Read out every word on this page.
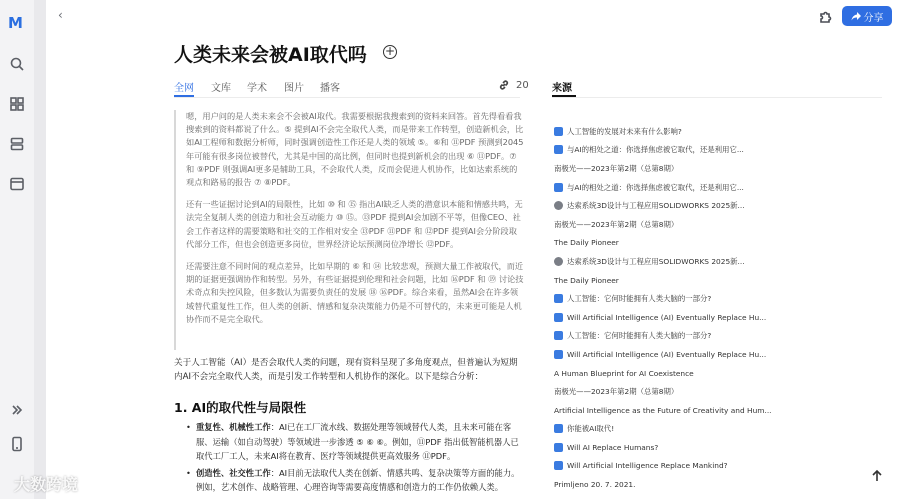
M	‹	分享
人类未来会被AI取代吗 +
全网 文库 学术 图片 播客	20

嗯，用户问的是人类未来会不会被AI取代。我需要根据我搜索到的资料来回答。首先得看看我搜索到的资料都说了什么。⑤ 提到AI不会完全取代人类，而是带来工作转型，创造新机会，比如AI工程师和数据分析师，同时强调创造性工作还是人类的领域 ⑤。⑥和 ⑪PDF 预测到2045年可能有很多岗位被替代，尤其是中国的高比例，但同时也提到新机会的出现 ⑥ ⑪PDF。⑦和 ⑨PDF 则强调AI更多是辅助工具，不会取代人类，反而会促进人机协作，比如达索系统的观点和路易的报告 ⑦ ⑧PDF。

还有一些证据讨论到AI的局限性，比如 ⑩ 和 ⑮ 指出AI缺乏人类的潜意识本能和情感共鸣，无法完全复制人类的创造力和社会互动能力 ⑩ ⑮。⑬PDF 提到AI会加剧不平等，但像CEO、社会工作者这样的需要策略和社交的工作相对安全 ⑬PDF ⑪PDF 和 ⑫PDF 提到AI会分阶段取代部分工作，但也会创造更多岗位，世界经济论坛预测岗位净增长 ⑫PDF。

还需要注意不同时间的观点差异，比如早期的 ⑥ 和 ⑭ 比较悲观，预测大量工作被取代，而近期的证据更强调协作和转型。另外，有些证据提到伦理和社会问题，比如 ⑯PDF 和 ⑲ 讨论技术奇点和失控风险，但多数认为需要负责任的发展 ⑱ ⑯PDF。综合来看，虽然AI会在许多领域替代重复性工作，但人类的创新、情感和复杂决策能力仍是不可替代的，未来更可能是人机协作而不是完全取代。

关于人工智能（AI）是否会取代人类的问题，现有资料呈现了多角度观点，但普遍认为短期内AI不会完全取代人类，而是引发工作转型和人机协作的深化。以下是综合分析：
1. AI的取代性与局限性
• 重复性、机械性工作：AI已在工厂流水线、数据处理等领域替代人类，且未来可能在客服、运输（如自动驾驶）等领域进一步渗透 ⑤ ⑥ ⑥。例如，⑪PDF 指出低智能机器人已取代工厂工人，未来AI将在教育、医疗等领域提供更高效服务 ⑪PDF。
• 创造性、社交性工作：AI目前无法取代人类在创新、情感共鸣、复杂决策等方面的能力。例如，艺术创作、战略管理、心理咨询等需要高度情感和创造力的工作仍依赖人类。
来源
人工智能的发展对未来有什么影响?
与AI的相处之道：你选择焦虑被它取代，还是利用它...
南极光——2023年第2期（总第8期）
与AI的相处之道：你选择焦虑被它取代，还是利用它...
达索系统3D设计与工程应用SOLIDWORKS 2025新...
南极光——2023年第2期（总第8期）
The Daily Pioneer
达索系统3D设计与工程应用SOLIDWORKS 2025新...
The Daily Pioneer
人工智能：它何时能拥有人类大脑的一部分?
Will Artificial Intelligence (AI) Eventually Replace Hu...
人工智能：它何时能拥有人类大脑的一部分?
Will Artificial Intelligence (AI) Eventually Replace Hu...
A Human Blueprint for AI Coexistence
南极光——2023年第2期（总第8期）
Artificial Intelligence as the Future of Creativity and Hum...
你能被AI取代!
Will AI Replace Humans?
Will Artificial Intelligence Replace Mankind?
Primljeno 20. 7. 2021.
大数跨境
